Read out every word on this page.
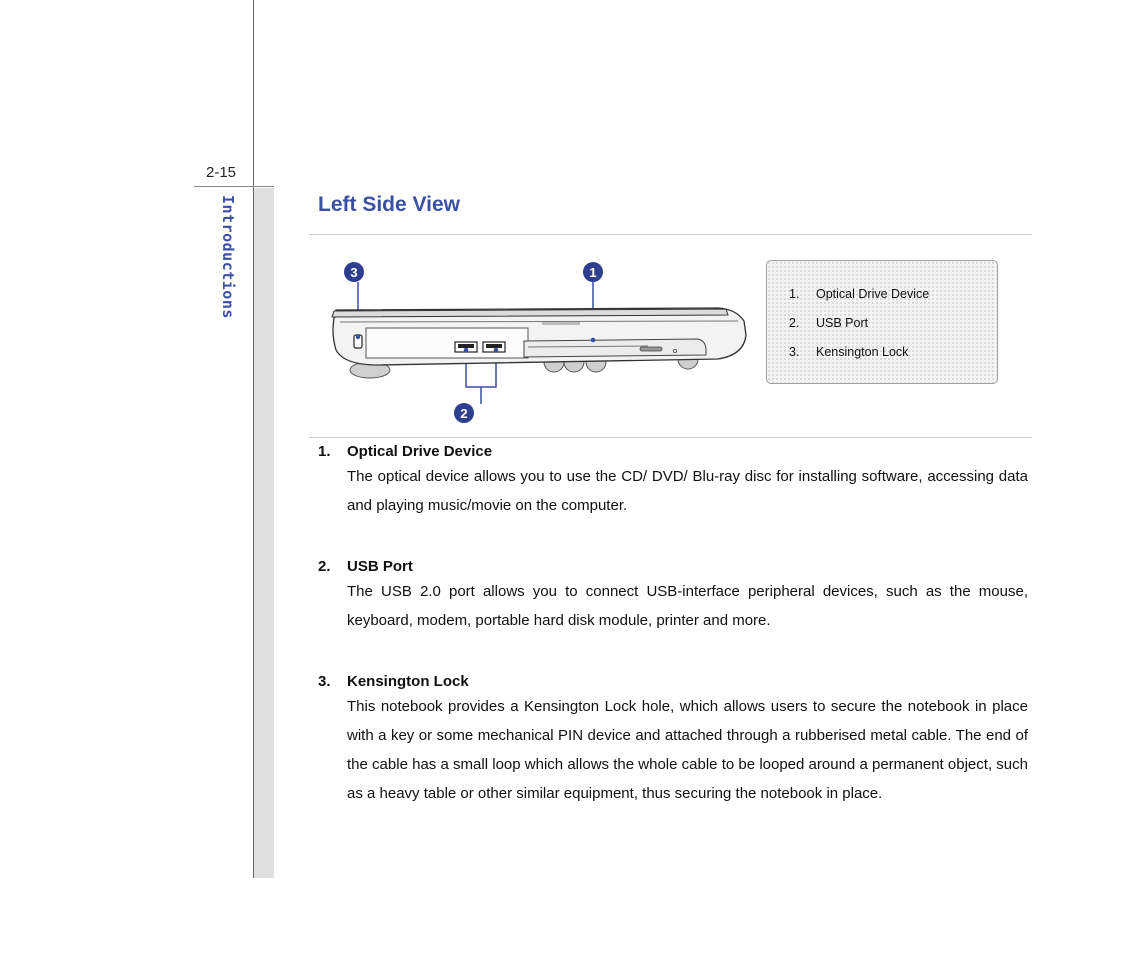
2-15
Introductions	Left Side View
3	1
2
1. Optical Drive Device
2. USB Port
3. Kensington Lock
1. Optical Drive Device
The optical device allows you to use the CD/ DVD/ Blu-ray disc for installing software, accessing data and playing music/movie on the computer.
2. USB Port
The USB 2.0 port allows you to connect USB-interface peripheral devices, such as the mouse, keyboard, modem, portable hard disk module, printer and more.
3. Kensington Lock
This notebook provides a Kensington Lock hole, which allows users to secure the notebook in place with a key or some mechanical PIN device and attached through a rubberised metal cable. The end of the cable has a small loop which allows the whole cable to be looped around a permanent object, such as a heavy table or other similar equipment, thus securing the notebook in place.
